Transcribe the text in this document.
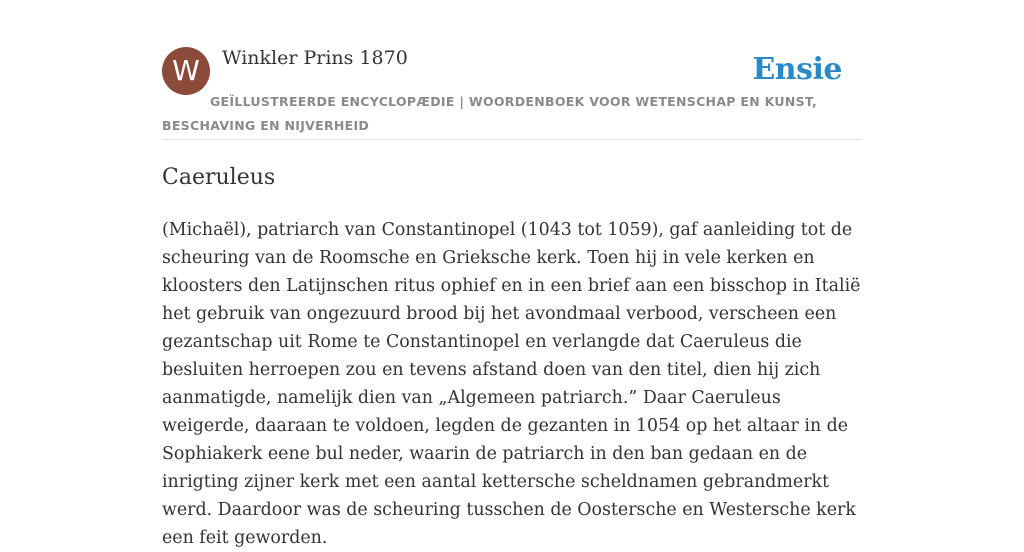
W	Winkler Prins 1870	Ensie
GEÏLLUSTREERDE ENCYCLOPÆDIE | WOORDENBOEK VOOR WETENSCHAP EN KUNST, BESCHAVING EN NIJVERHEID
Caeruleus

(Michaël), patriarch van Constantinopel (1043 tot 1059), gaf aanleiding tot de scheuring van de Roomsche en Grieksche kerk. Toen hij in vele kerken en kloosters den Latijnschen ritus ophief en in een brief aan een bisschop in Italië het gebruik van ongezuurd brood bij het avondmaal verbood, verscheen een gezantschap uit Rome te Constantinopel en verlangde dat Caeruleus die besluiten herroepen zou en tevens afstand doen van den titel, dien hij zich aanmatigde, namelijk dien van „Algemeen patriarch.” Daar Caeruleus weigerde, daaraan te voldoen, legden de gezanten in 1054 op het altaar in de Sophiakerk eene bul neder, waarin de patriarch in den ban gedaan en de inrigting zijner kerk met een aantal kettersche scheldnamen gebrandmerkt werd. Daardoor was de scheuring tusschen de Oostersche en Westersche kerk een feit geworden.
